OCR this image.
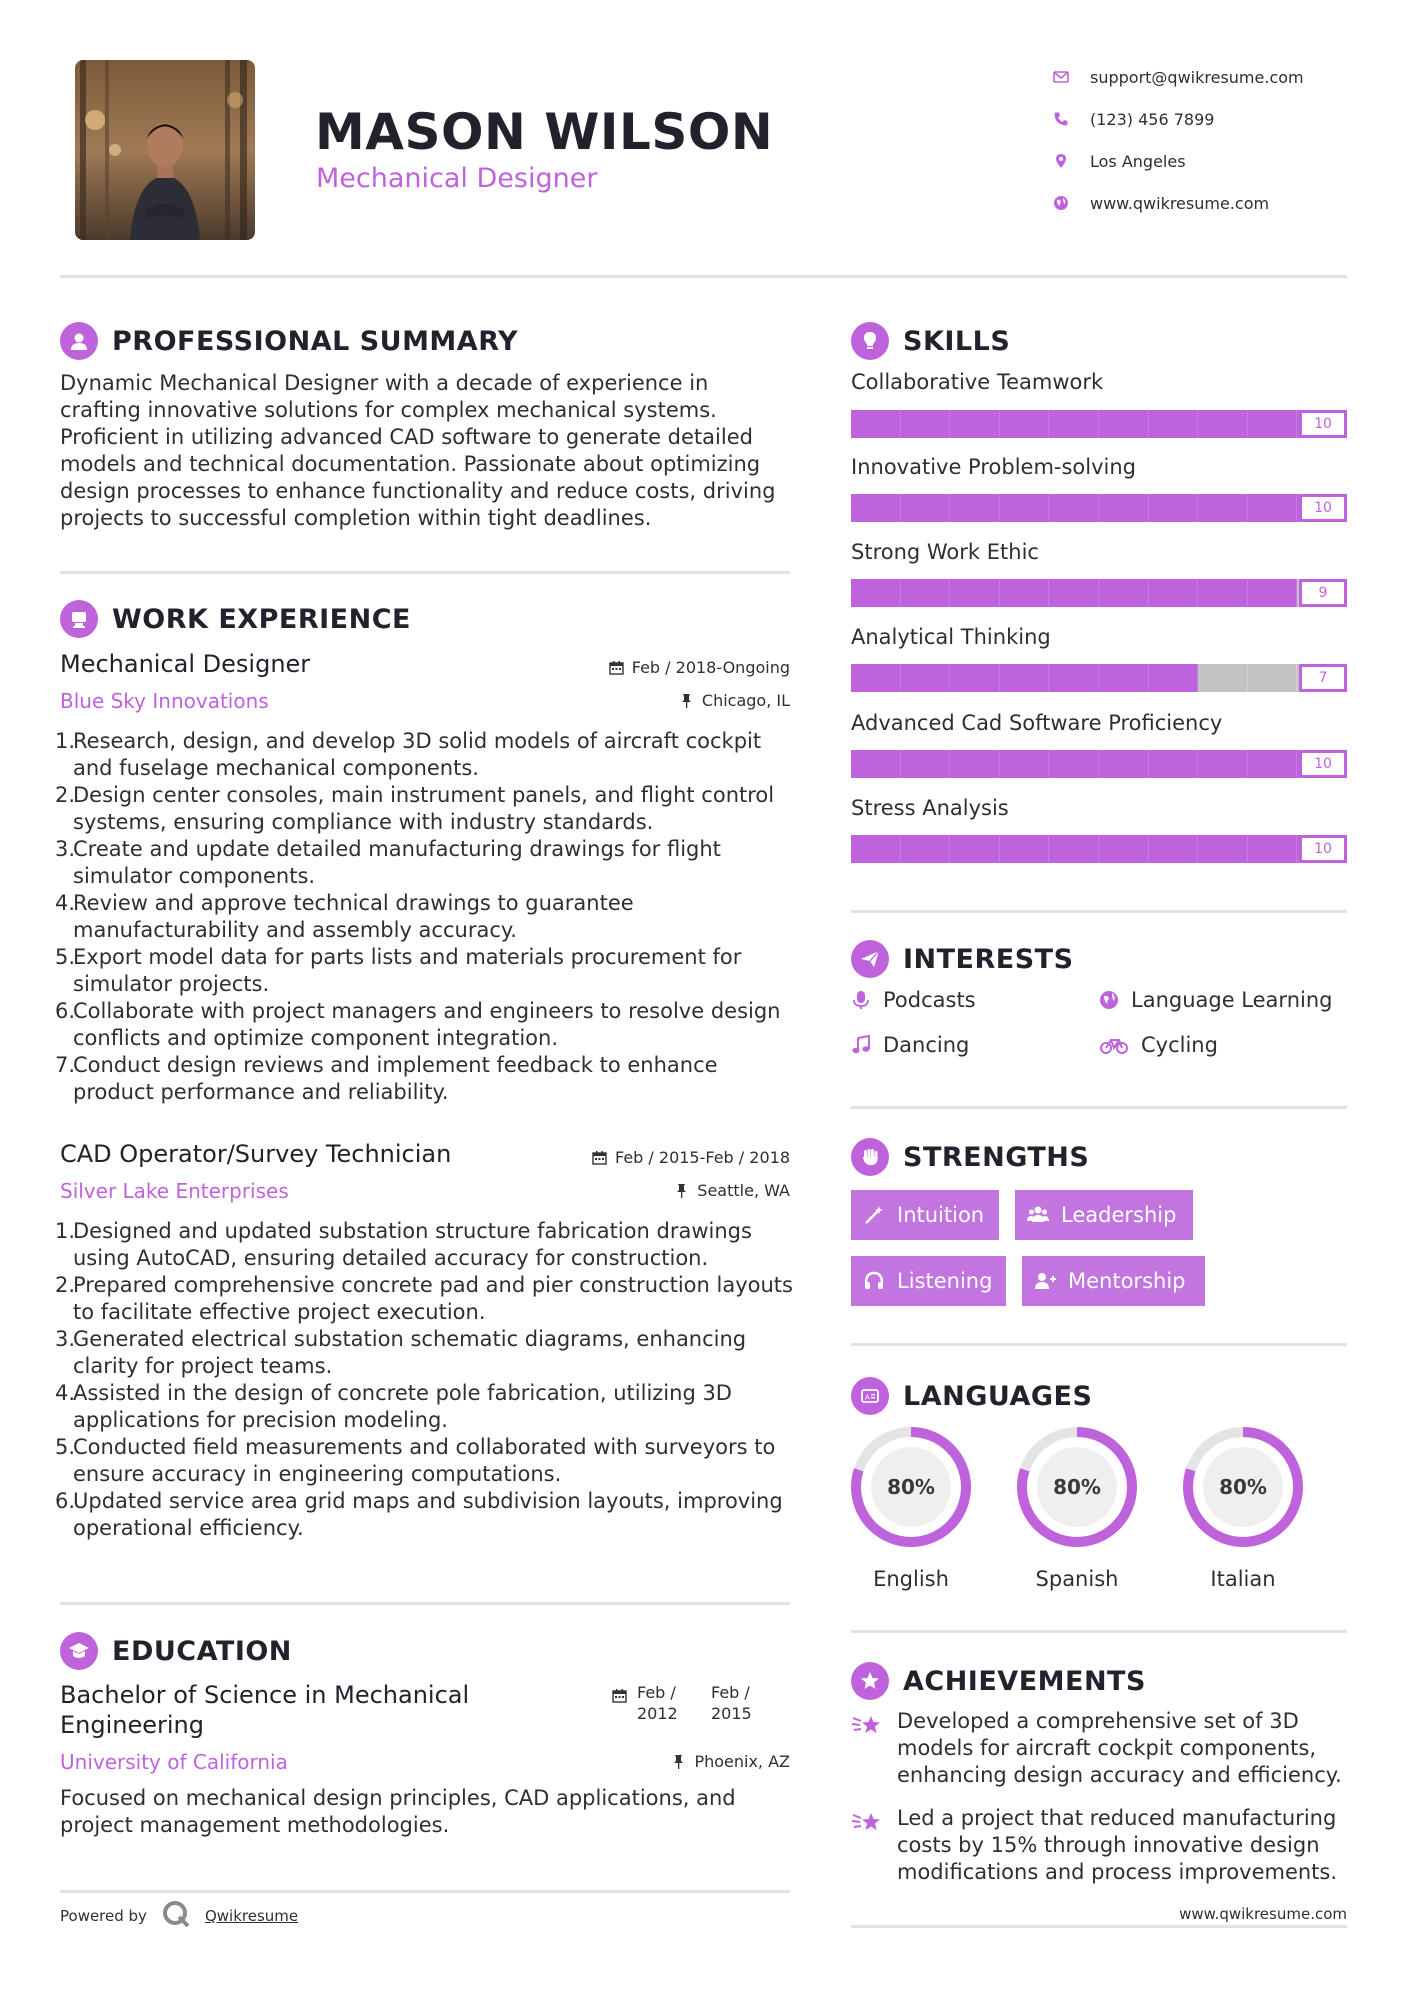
MASON WILSON
Mechanical Designer
support@qwikresume.com
(123) 456 7899
Los Angeles
www.qwikresume.com
PROFESSIONAL SUMMARY
Dynamic Mechanical Designer with a decade of experience in crafting innovative solutions for complex mechanical systems. Proficient in utilizing advanced CAD software to generate detailed models and technical documentation. Passionate about optimizing design processes to enhance functionality and reduce costs, driving projects to successful completion within tight deadlines.
WORK EXPERIENCE
Mechanical Designer	Feb / 2018-Ongoing
Blue Sky Innovations	Chicago, IL
1.
Research, design, and develop 3D solid models of aircraft cockpit and fuselage mechanical components.
2.
Design center consoles, main instrument panels, and flight control systems, ensuring compliance with industry standards.
3.
Create and update detailed manufacturing drawings for flight simulator components.
4.
Review and approve technical drawings to guarantee manufacturability and assembly accuracy.
5.
Export model data for parts lists and materials procurement for simulator projects.
6.
Collaborate with project managers and engineers to resolve design conflicts and optimize component integration.
7.
Conduct design reviews and implement feedback to enhance product performance and reliability.
CAD Operator/Survey Technician	Feb / 2015-Feb / 2018
Silver Lake Enterprises	Seattle, WA
1.
Designed and updated substation structure fabrication drawings using AutoCAD, ensuring detailed accuracy for construction.
2.
Prepared comprehensive concrete pad and pier construction layouts to facilitate effective project execution.
3.
Generated electrical substation schematic diagrams, enhancing clarity for project teams.
4.
Assisted in the design of concrete pole fabrication, utilizing 3D applications for precision modeling.
5.
Conducted field measurements and collaborated with surveyors to ensure accuracy in engineering computations.
6.
Updated service area grid maps and subdivision layouts, improving operational efficiency.
EDUCATION
Bachelor of Science in Mechanical Engineering
Feb / 2012
Feb / 2015
University of California	Phoenix, AZ
Focused on mechanical design principles, CAD applications, and project management methodologies.
SKILLS
Collaborative Teamwork
10
Innovative Problem-solving
10
Strong Work Ethic
9
Analytical Thinking
7
Advanced Cad Software Proficiency
10
Stress Analysis
10
INTERESTS
Podcasts	Language Learning
Dancing	Cycling
STRENGTHS
Intuition	Leadership
Listening	Mentorship
A LANGUAGES
80%
English
80%
Spanish
80%
Italian
ACHIEVEMENTS
Developed a comprehensive set of 3D models for aircraft cockpit components, enhancing design accuracy and efficiency.
Led a project that reduced manufacturing costs by 15% through innovative design modifications and process improvements.
Powered by	Qwikresume	www.qwikresume.com
